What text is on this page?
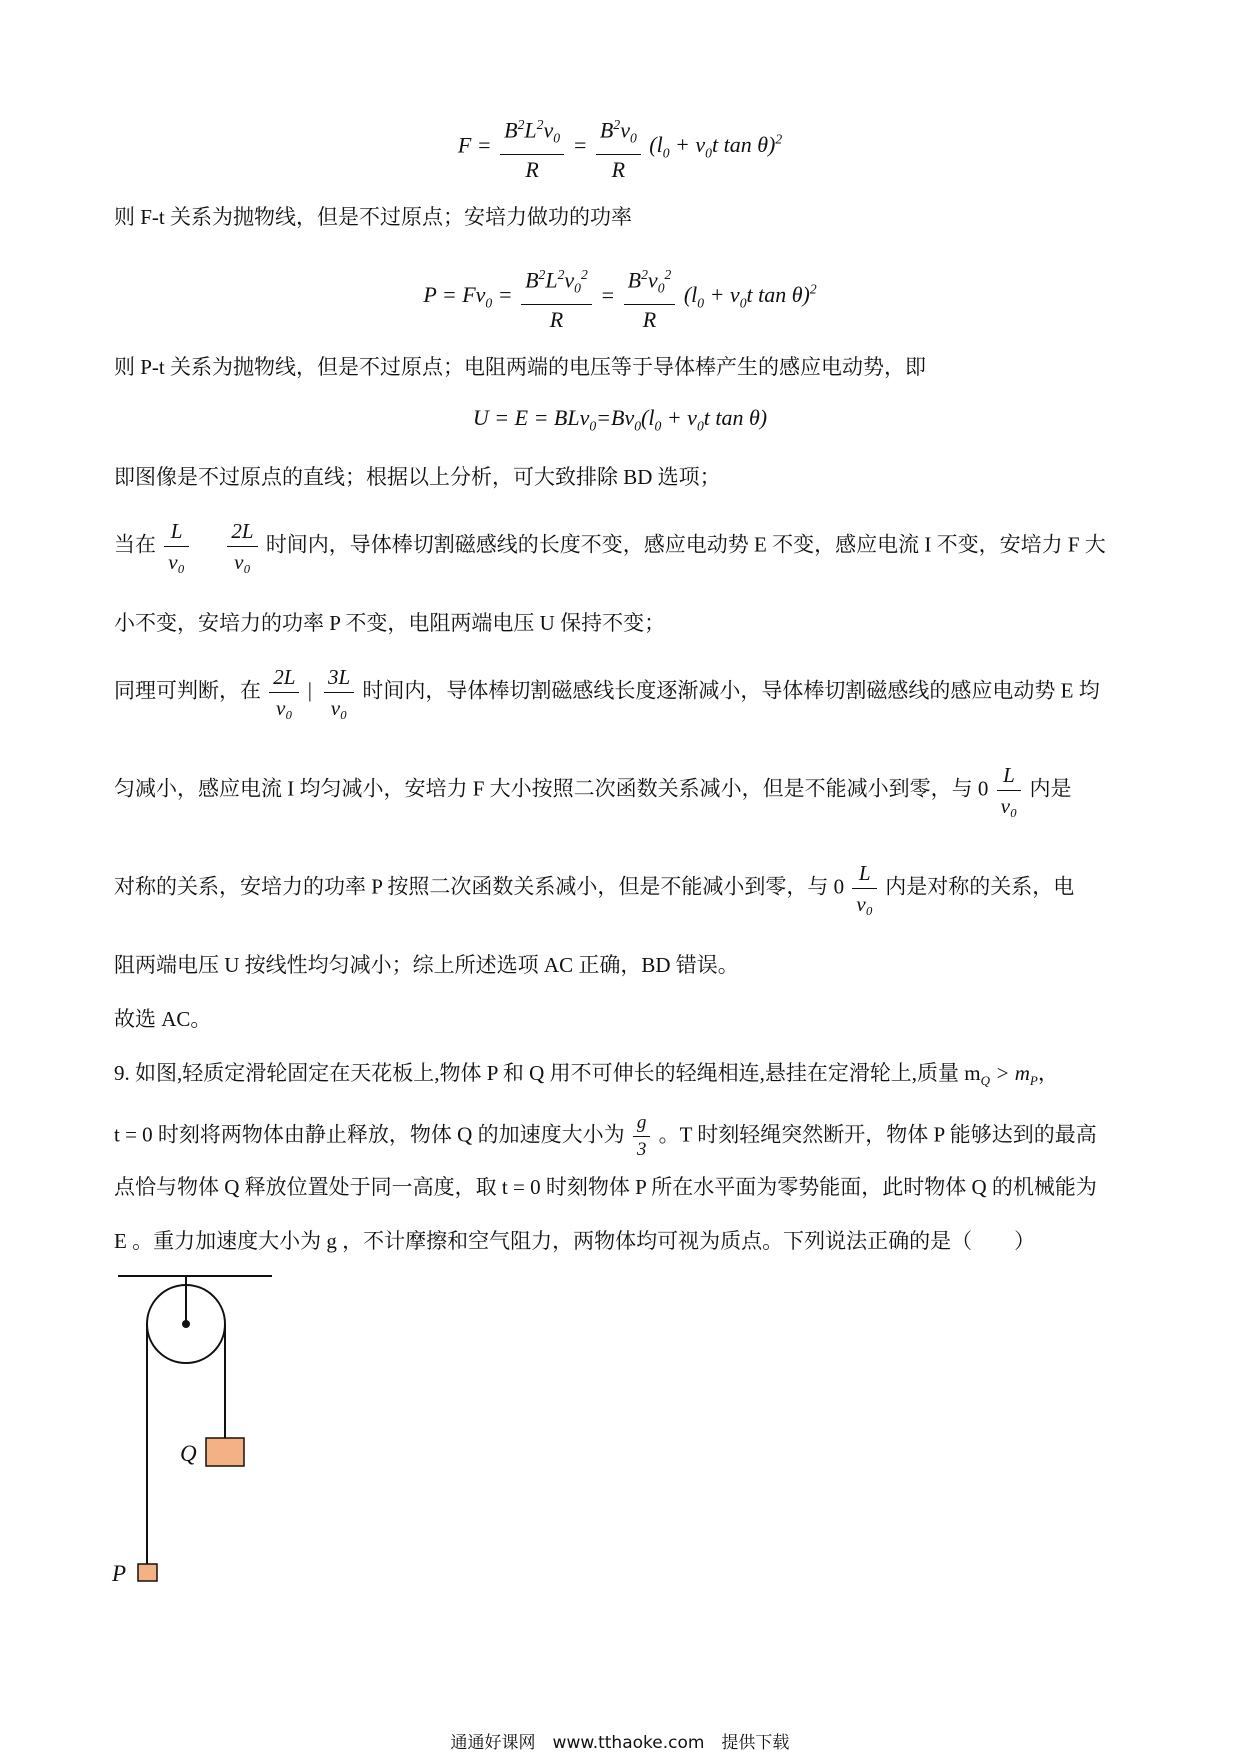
$F = \frac{B^2L^2v_0}{R} = \frac{B^2v_0}{R} (l_0 + v_0t$ tan θ)$^2$
则 F-t 关系为抛物线，但是不过原点；安培力做功的功率
$P = Fv_0 = \frac{B^2L^2v_0^2}{R} = \frac{B^2v_0^2}{R} (l_0 + v_0t$ tan θ)$^2$
则 P-t 关系为抛物线，但是不过原点；电阻两端的电压等于导体棒产生的感应电动势，即
$U = E = BLv_0=Bv_0(l_0 + v_0t$ tan θ)
即图像是不过原点的直线；根据以上分析，可大致排除 BD 选项；
当在 $\frac{L}{\text{v₀}}$
$\frac{2L}{\text{v₀}}$ 时间内，导体棒切割磁感线的长度不变，感应电动势 E 不变，感应电流 I 不变，安培力 F 大
小不变，安培力的功率 P 不变，电阻两端电压 U 保持不变；
同理可判断，在 $\frac{2L}{\text{v₀}}$ | $\frac{3L}{\text{v₀}}$ 时间内，导体棒切割磁感线长度逐渐减小，导体棒切割磁感线的感应电动势 E 均
匀减小，感应电流 I 均匀减小，安培力 F 大小按照二次函数关系减小，但是不能减小到零，与 $0 \frac{L}{\text{v₀}}$ 内是
对称的关系，安培力的功率 P 按照二次函数关系减小，但是不能减小到零，与 $0 \frac{L}{\text{v₀}}$ 内是对称的关系，电
阻两端电压 U 按线性均匀减小；综上所述选项 AC 正确，BD 错误。
故选 AC。
9. 如图,轻质定滑轮固定在天花板上,物体 P 和 Q 用不可伸长的轻绳相连,悬挂在定滑轮上,质量 $m_Q > m_P$，
t = 0 时刻将两物体由静止释放，物体 Q 的加速度大小为 $\frac{g}{3}$ 。T 时刻轻绳突然断开，物体 P 能够达到的最高
点恰与物体 Q 释放位置处于同一高度，取 t = 0 时刻物体 P 所在水平面为零势能面，此时物体 Q 的机械能为
E 。重力加速度大小为 g ，不计摩擦和空气阻力，两物体均可视为质点。下列说法正确的是（　　）
Q
P
通通好课网　www.tthaoke.com　提供下载
